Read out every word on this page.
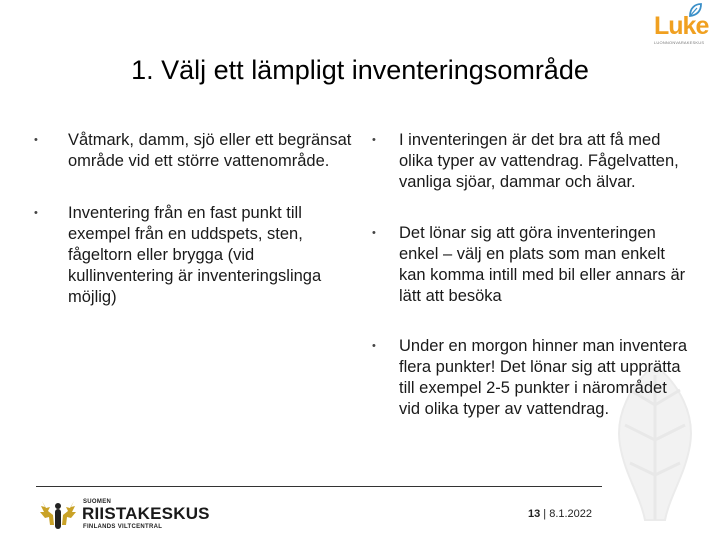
Luke
LUONNONVARAKESKUS
1. Välj ett lämpligt inventeringsområde
• Våtmark, damm, sjö eller ett begränsat område vid ett större vattenområde.
• Inventering från en fast punkt till exempel från en uddspets, sten, fågeltorn eller brygga (vid kullinventering är inventeringslinga möjlig)
• I inventeringen är det bra att få med olika typer av vattendrag. Fågelvatten, vanliga sjöar, dammar och älvar.
• Det lönar sig att göra inventeringen enkel – välj en plats som man enkelt kan komma intill med bil eller annars är lätt att besöka
• Under en morgon hinner man inventera flera punkter! Det lönar sig att upprätta till exempel 2-5 punkter i närområdet vid olika typer av vattendrag.
SUOMEN
RIISTAKESKUS
FINLANDS VILTCENTRAL
13 | 8.1.2022
